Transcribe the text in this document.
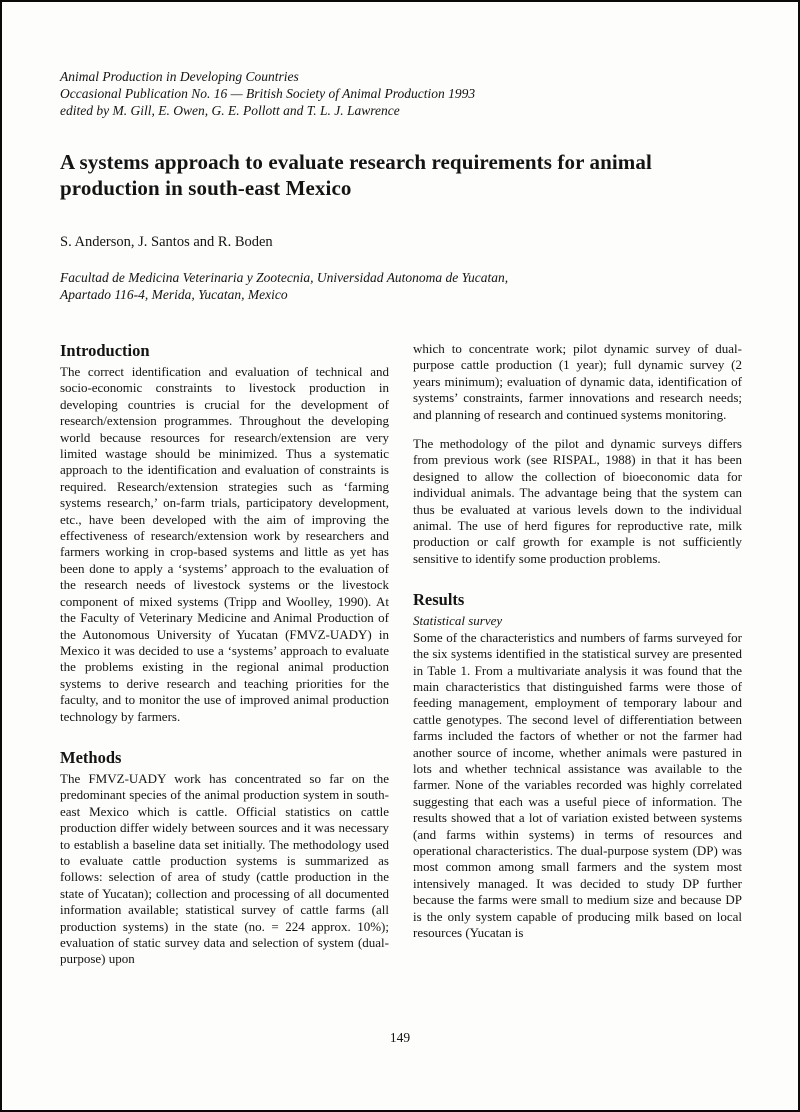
Animal Production in Developing Countries

Occasional Publication No. 16 — British Society of Animal Production 1993

edited by M. Gill, E. Owen, G. E. Pollott and T. L. J. Lawrence

A systems approach to evaluate research requirements for animal production in south-east Mexico

S. Anderson, J. Santos and R. Boden

Facultad de Medicina Veterinaria y Zootecnia, Universidad Autonoma de Yucatan,
Apartado 116-4, Merida, Yucatan, Mexico

Introduction

The correct identification and evaluation of technical and socio-economic constraints to livestock production in developing countries is crucial for the development of research/extension programmes. Throughout the developing world because resources for research/extension are very limited wastage should be minimized. Thus a systematic approach to the identification and evaluation of constraints is required. Research/extension strategies such as ‘farming systems research,’ on-farm trials, participatory development, etc., have been developed with the aim of improving the effectiveness of research/extension work by researchers and farmers working in crop-based systems and little as yet has been done to apply a ‘systems’ approach to the evaluation of the research needs of livestock systems or the livestock component of mixed systems (Tripp and Woolley, 1990). At the Faculty of Veterinary Medicine and Animal Production of the Autonomous University of Yucatan (FMVZ-UADY) in Mexico it was decided to use a ‘systems’ approach to evaluate the problems existing in the regional animal production systems to derive research and teaching priorities for the faculty, and to monitor the use of improved animal production technology by farmers.

Methods

The FMVZ-UADY work has concentrated so far on the predominant species of the animal production system in south-east Mexico which is cattle. Official statistics on cattle production differ widely between sources and it was necessary to establish a baseline data set initially. The methodology used to evaluate cattle production systems is summarized as follows: selection of area of study (cattle production in the state of Yucatan); collection and processing of all documented information available; statistical survey of cattle farms (all production systems) in the state (no. = 224 approx. 10%); evaluation of static survey data and selection of system (dual-purpose) upon

which to concentrate work; pilot dynamic survey of dual-purpose cattle production (1 year); full dynamic survey (2 years minimum); evaluation of dynamic data, identification of systems’ constraints, farmer innovations and research needs; and planning of research and continued systems monitoring.

The methodology of the pilot and dynamic surveys differs from previous work (see RISPAL, 1988) in that it has been designed to allow the collection of bioeconomic data for individual animals. The advantage being that the system can thus be evaluated at various levels down to the individual animal. The use of herd figures for reproductive rate, milk production or calf growth for example is not sufficiently sensitive to identify some production problems.

Results

Statistical survey

Some of the characteristics and numbers of farms surveyed for the six systems identified in the statistical survey are presented in Table 1. From a multivariate analysis it was found that the main characteristics that distinguished farms were those of feeding management, employment of temporary labour and cattle genotypes. The second level of differentiation between farms included the factors of whether or not the farmer had another source of income, whether animals were pastured in lots and whether technical assistance was available to the farmer. None of the variables recorded was highly correlated suggesting that each was a useful piece of information. The results showed that a lot of variation existed between systems (and farms within systems) in terms of resources and operational characteristics. The dual-purpose system (DP) was most common among small farmers and the system most intensively managed. It was decided to study DP further because the farms were small to medium size and because DP is the only system capable of producing milk based on local resources (Yucatan is

149
